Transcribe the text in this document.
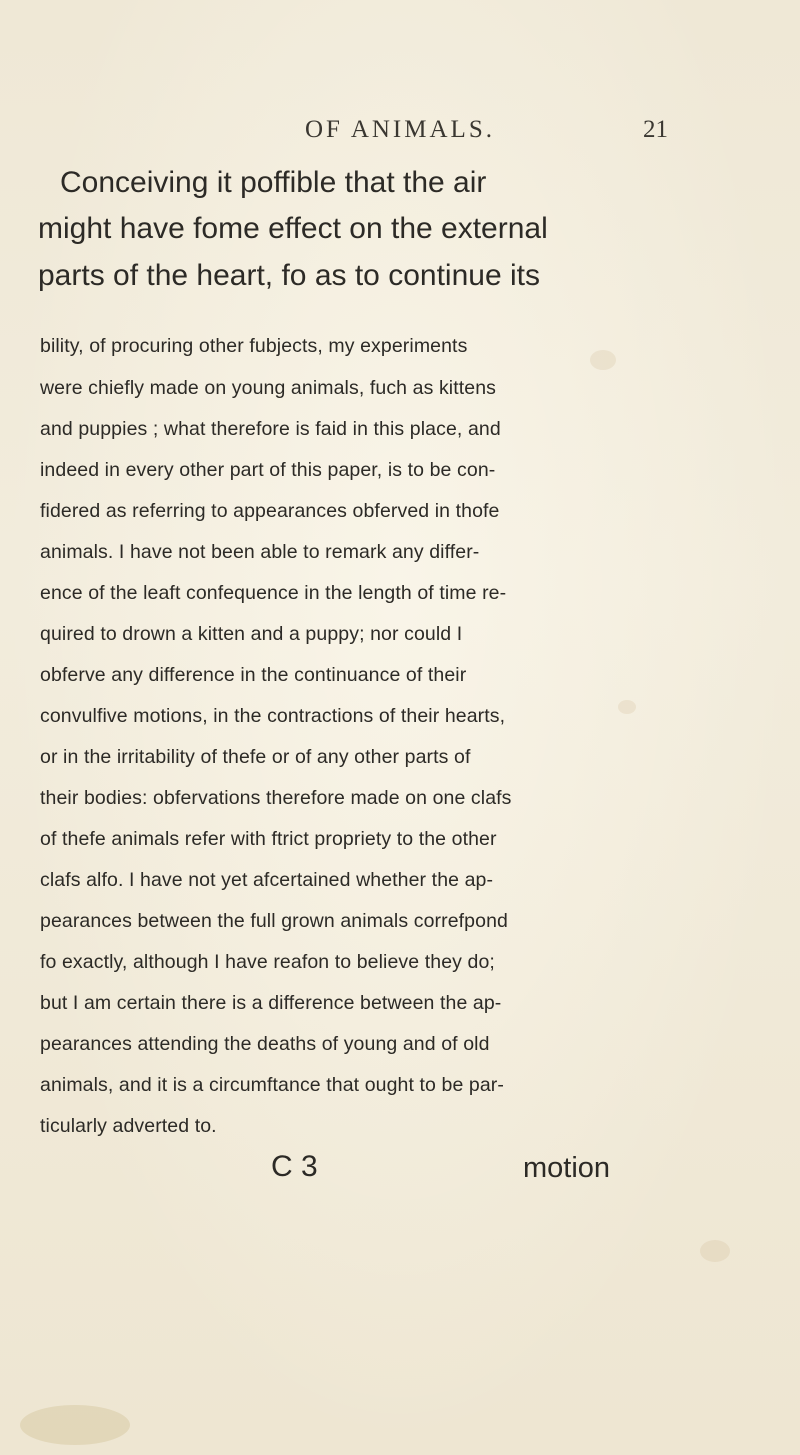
OF ANIMALS.	21
Conceiving it poffible that the air
might have fome effect on the external
parts of the heart, fo as to continue its
bility, of procuring other fubjects, my experiments
were chiefly made on young animals, fuch as kittens
and puppies ; what therefore is faid in this place, and
indeed in every other part of this paper, is to be con-
fidered as referring to appearances obferved in thofe
animals. I have not been able to remark any differ-
ence of the leaft confequence in the length of time re-
quired to drown a kitten and a puppy; nor could I
obferve any difference in the continuance of their
convulfive motions, in the contractions of their hearts,
or in the irritability of thefe or of any other parts of
their bodies: obfervations therefore made on one clafs
of thefe animals refer with ftrict propriety to the other
clafs alfo. I have not yet afcertained whether the ap-
pearances between the full grown animals correfpond
fo exactly, although I have reafon to believe they do;
but I am certain there is a difference between the ap-
pearances attending the deaths of young and of old
animals, and it is a circumftance that ought to be par-
ticularly adverted to.
C 3	motion
